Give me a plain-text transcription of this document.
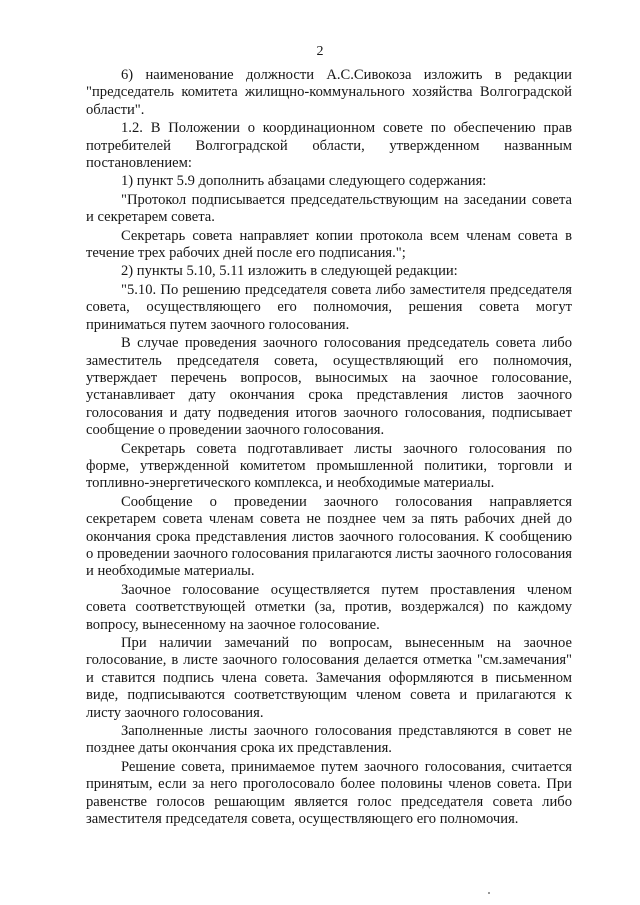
2

6) наименование должности А.С.Сивокоза изложить в редакции "председатель комитета жилищно-коммунального хозяйства Волгоградской области".

1.2. В Положении о координационном совете по обеспечению прав потребителей Волгоградской области, утвержденном названным постановлением:

1) пункт 5.9 дополнить абзацами следующего содержания:

"Протокол подписывается председательствующим на заседании совета и секретарем совета.

Секретарь совета направляет копии протокола всем членам совета в течение трех рабочих дней после его подписания.";

2) пункты 5.10, 5.11 изложить в следующей редакции:

"5.10. По решению председателя совета либо заместителя председателя совета, осуществляющего его полномочия, решения совета могут приниматься путем заочного голосования.

В случае проведения заочного голосования председатель совета либо заместитель председателя совета, осуществляющий его полномочия, утверждает перечень вопросов, выносимых на заочное голосование, устанавливает дату окончания срока представления листов заочного голосования и дату подведения итогов заочного голосования, подписывает сообщение о проведении заочного голосования.

Секретарь совета подготавливает листы заочного голосования по форме, утвержденной комитетом промышленной политики, торговли и топливно-энергетического комплекса, и необходимые материалы.

Сообщение о проведении заочного голосования направляется секретарем совета членам совета не позднее чем за пять рабочих дней до окончания срока представления листов заочного голосования. К сообщению о проведении заочного голосования прилагаются листы заочного голосования и необходимые материалы.

Заочное голосование осуществляется путем проставления членом совета соответствующей отметки (за, против, воздержался) по каждому вопросу, вынесенному на заочное голосование.

При наличии замечаний по вопросам, вынесенным на заочное голосование, в листе заочного голосования делается отметка "см.замечания" и ставится подпись члена совета. Замечания оформляются в письменном виде, подписываются соответствующим членом совета и прилагаются к листу заочного голосования.

Заполненные листы заочного голосования представляются в совет не позднее даты окончания срока их представления.

Решение совета, принимаемое путем заочного голосования, считается принятым, если за него проголосовало более половины членов совета. При равенстве голосов решающим является голос председателя совета либо заместителя председателя совета, осуществляющего его полномочия.
